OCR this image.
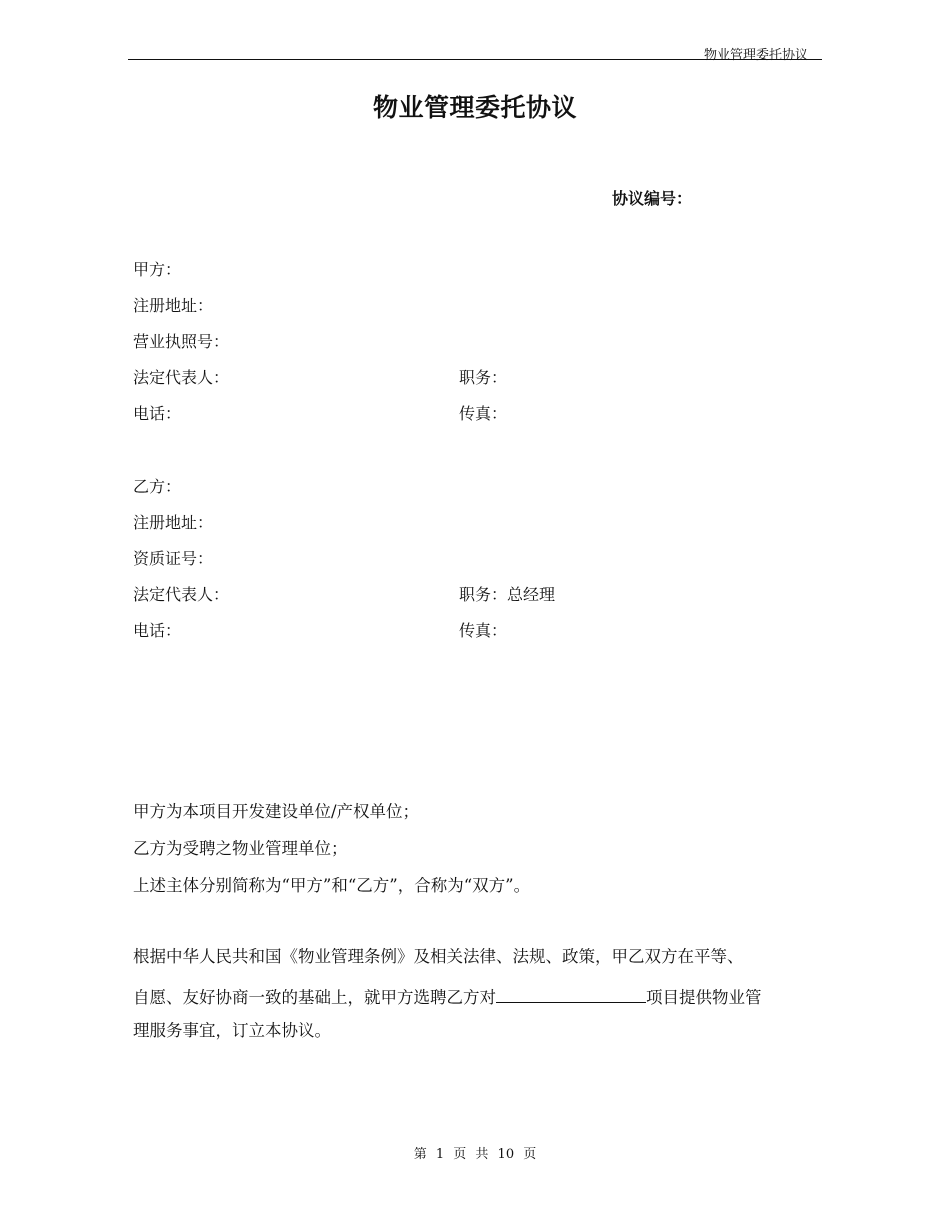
物业管理委托协议
物业管理委托协议
协议编号：
甲方：
注册地址：
营业执照号：
法定代表人：	职务：
电话：	传真：
乙方：
注册地址：
资质证号：
法定代表人：	职务：总经理
电话：	传真：
甲方为本项目开发建设单位/产权单位；
乙方为受聘之物业管理单位；
上述主体分别简称为“甲方”和“乙方”，合称为“双方”。
根据中华人民共和国《物业管理条例》及相关法律、法规、政策，甲乙双方在平等、
自愿、友好协商一致的基础上，就甲方选聘乙方对	项目提供物业管
理服务事宜，订立本协议。
第 1 页 共 10 页
